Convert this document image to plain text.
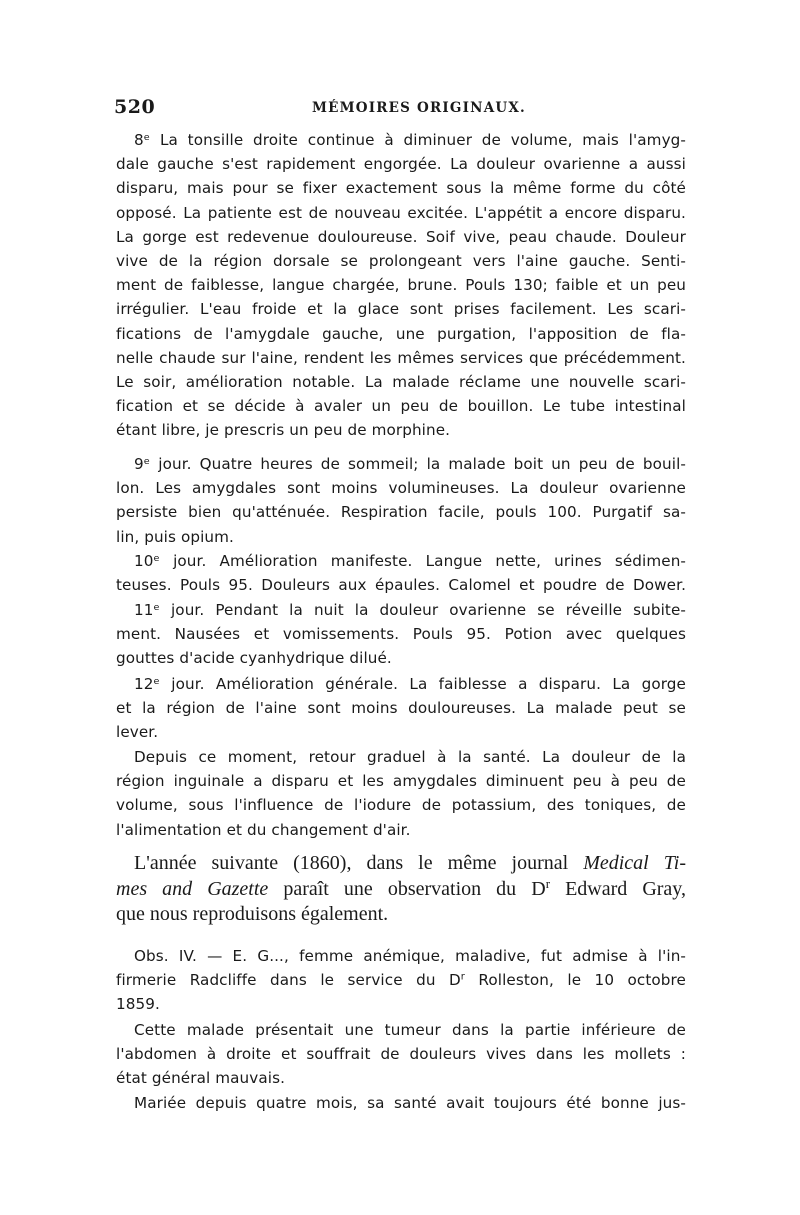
520	MÉMOIRES ORIGINAUX.
8ᵉ La tonsille droite continue à diminuer de volume, mais l'amyg-
dale gauche s'est rapidement engorgée. La douleur ovarienne a aussi
disparu, mais pour se fixer exactement sous la même forme du côté
opposé. La patiente est de nouveau excitée. L'appétit a encore disparu.
La gorge est redevenue douloureuse. Soif vive, peau chaude. Douleur
vive de la région dorsale se prolongeant vers l'aine gauche. Senti-
ment de faiblesse, langue chargée, brune. Pouls 130; faible et un peu
irrégulier. L'eau froide et la glace sont prises facilement. Les scari-
fications de l'amygdale gauche, une purgation, l'apposition de fla-
nelle chaude sur l'aine, rendent les mêmes services que précédemment.
Le soir, amélioration notable. La malade réclame une nouvelle scari-
fication et se décide à avaler un peu de bouillon. Le tube intestinal
étant libre, je prescris un peu de morphine.
9ᵉ jour. Quatre heures de sommeil; la malade boit un peu de bouil-
lon. Les amygdales sont moins volumineuses. La douleur ovarienne
persiste bien qu'atténuée. Respiration facile, pouls 100. Purgatif sa-
lin, puis opium.
10ᵉ jour. Amélioration manifeste. Langue nette, urines sédimen-
teuses. Pouls 95. Douleurs aux épaules. Calomel et poudre de Dower.
11ᵉ jour. Pendant la nuit la douleur ovarienne se réveille subite-
ment. Nausées et vomissements. Pouls 95. Potion avec quelques
gouttes d'acide cyanhydrique dilué.
12ᵉ jour. Amélioration générale. La faiblesse a disparu. La gorge
et la région de l'aine sont moins douloureuses. La malade peut se
lever.
Depuis ce moment, retour graduel à la santé. La douleur de la
région inguinale a disparu et les amygdales diminuent peu à peu de
volume, sous l'influence de l'iodure de potassium, des toniques, de
l'alimentation et du changement d'air.
L'année suivante (1860), dans le même journal Medical Ti-
mes and Gazette paraît une observation du $D^r$ Edward Gray,
que nous reproduisons également.
Obs. IV. — E. G..., femme anémique, maladive, fut admise à l'in-
firmerie Radcliffe dans le service du $D^r$ Rolleston, le 10 octobre
1859.
Cette malade présentait une tumeur dans la partie inférieure de
l'abdomen à droite et souffrait de douleurs vives dans les mollets :
état général mauvais.
Mariée depuis quatre mois, sa santé avait toujours été bonne jus-
